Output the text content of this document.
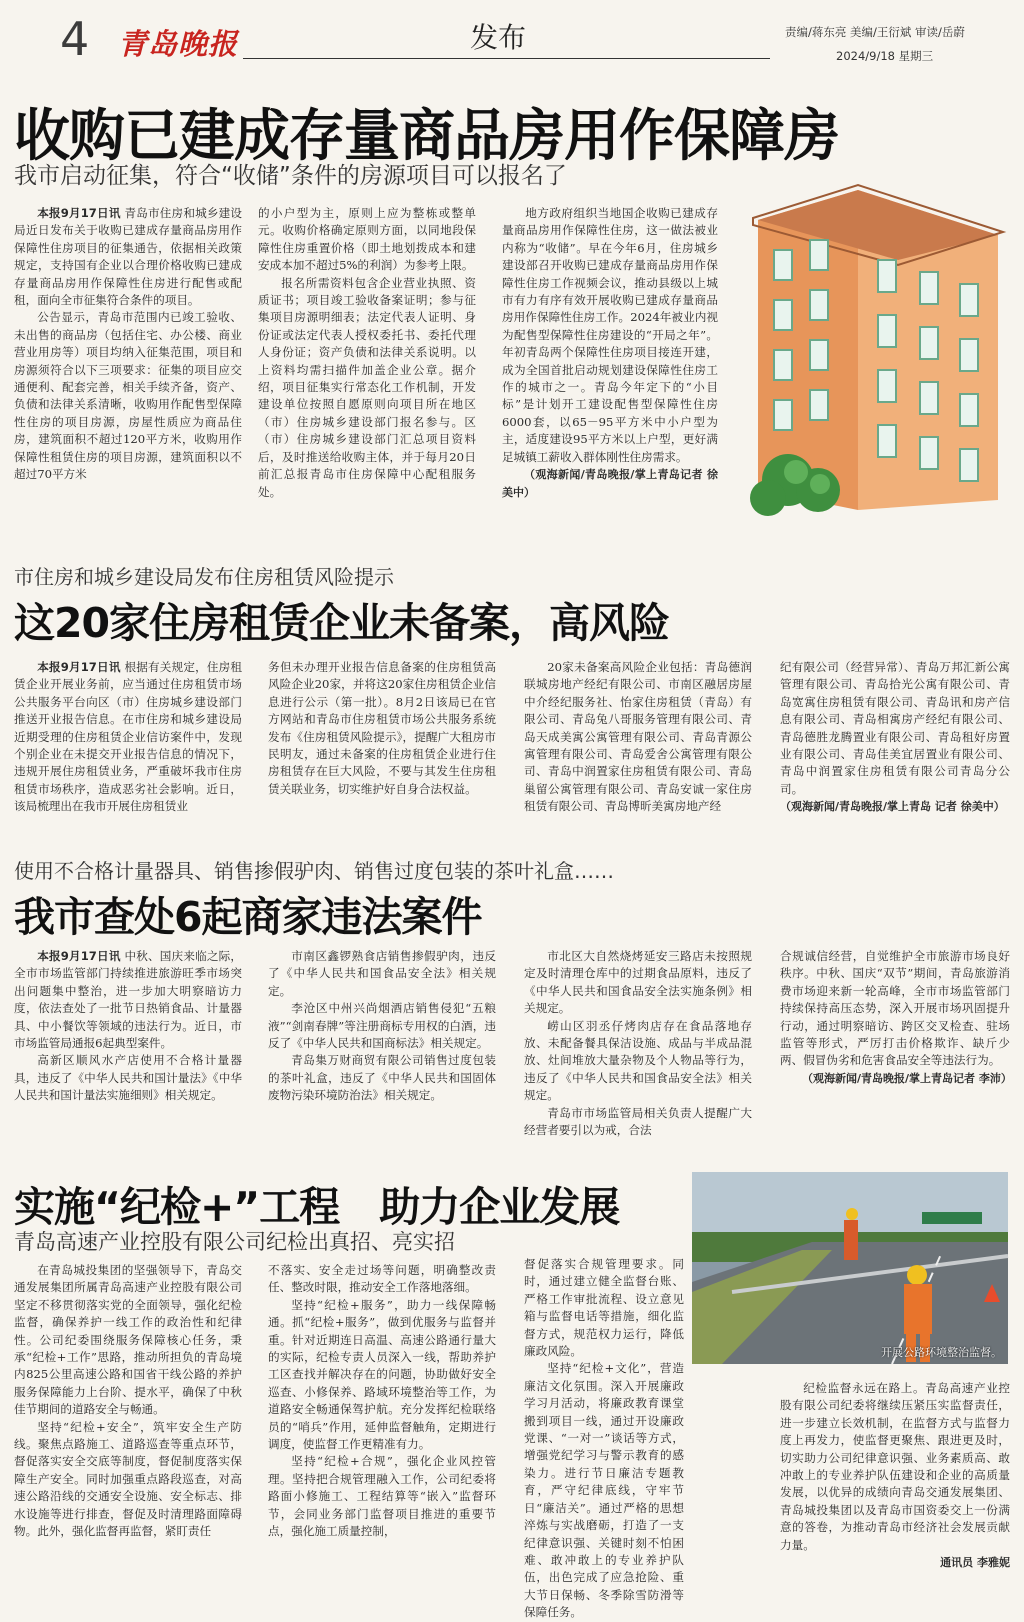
4 青岛晚报	发布	责编/蒋东亮 美编/王衍斌 审读/岳蔚
2024/9/18 星期三
收购已建成存量商品房用作保障房
我市启动征集，符合“收储”条件的房源项目可以报名了

本报9月17日讯 青岛市住房和城乡建设局近日发布关于收购已建成存量商品房用作保障性住房项目的征集通告，依据相关政策规定，支持国有企业以合理价格收购已建成存量商品房用作保障性住房进行配售或配租，面向全市征集符合条件的项目。

公告显示，青岛市范围内已竣工验收、未出售的商品房（包括住宅、办公楼、商业营业用房等）项目均纳入征集范围，项目和房源须符合以下三项要求：征集的项目应交通便利、配套完善，相关手续齐备，资产、负债和法律关系清晰，收购用作配售型保障性住房的项目房源，房屋性质应为商品住房，建筑面积不超过120平方米，收购用作保障性租赁住房的项目房源，建筑面积以不超过70平方米

的小户型为主，原则上应为整栋或整单元。收购价格确定原则方面，以同地段保障性住房重置价格（即土地划拨成本和建安成本加不超过5%的利润）为参考上限。

报名所需资料包含企业营业执照、资质证书；项目竣工验收备案证明；参与征集项目房源明细表；法定代表人证明、身份证或法定代表人授权委托书、委托代理人身份证；资产负债和法律关系说明。以上资料均需扫描件加盖企业公章。据介绍，项目征集实行常态化工作机制，开发建设单位按照自愿原则向项目所在地区（市）住房城乡建设部门报名参与。区（市）住房城乡建设部门汇总项目资料后，及时推送给收购主体，并于每月20日前汇总报青岛市住房保障中心配租服务处。

地方政府组织当地国企收购已建成存量商品房用作保障性住房，这一做法被业内称为“收储”。早在今年6月，住房城乡建设部召开收购已建成存量商品房用作保障性住房工作视频会议，推动县级以上城市有力有序有效开展收购已建成存量商品房用作保障性住房工作。2024年被业内视为配售型保障性住房建设的“开局之年”。年初青岛两个保障性住房项目接连开建，成为全国首批启动规划建设保障性住房工作的城市之一。青岛今年定下的“小目标”是计划开工建设配售型保障性住房6000套，以65－95平方米中小户型为主，适度建设95平方米以上户型，更好满足城镇工薪收入群体刚性住房需求。

（观海新闻/青岛晚报/掌上青岛记者 徐美中）

市住房和城乡建设局发布住房租赁风险提示
这20家住房租赁企业未备案，高风险

本报9月17日讯 根据有关规定，住房租赁企业开展业务前，应当通过住房租赁市场公共服务平台向区（市）住房城乡建设部门推送开业报告信息。在市住房和城乡建设局近期受理的住房租赁企业信访案件中，发现个别企业在未提交开业报告信息的情况下，违规开展住房租赁业务，严重破坏我市住房租赁市场秩序，造成恶劣社会影响。近日，该局梳理出在我市开展住房租赁业

务但未办理开业报告信息备案的住房租赁高风险企业20家，并将这20家住房租赁企业信息进行公示（第一批）。8月2日该局已在官方网站和青岛市住房租赁市场公共服务系统发布《住房租赁风险提示》，提醒广大租房市民明友，通过未备案的住房租赁企业进行住房租赁存在巨大风险，不要与其发生住房租赁关联业务，切实维护好自身合法权益。

20家未备案高风险企业包括：青岛德润联城房地产经纪有限公司、市南区融居房屋中介经纪服务社、怡家住房租赁（青岛）有限公司、青岛兔八哥服务管理有限公司、青岛天成美寓公寓管理有限公司、青岛青源公寓管理有限公司、青岛爱舍公寓管理有限公司、青岛中润置家住房租赁有限公司、青岛巢留公寓管理有限公司、青岛安诚一家住房租赁有限公司、青岛博昕美寓房地产经

纪有限公司（经营异常）、青岛万邦汇新公寓管理有限公司、青岛拾光公寓有限公司、青岛宽寓住房租赁有限公司、青岛讯和房产信息有限公司、青岛相寓房产经纪有限公司、青岛德胜龙腾置业有限公司、青岛租好房置业有限公司、青岛佳美宜居置业有限公司、青岛中润置家住房租赁有限公司青岛分公司。

（观海新闻/青岛晚报/掌上青岛 记者 徐美中）

使用不合格计量器具、销售掺假驴肉、销售过度包装的茶叶礼盒……
我市查处6起商家违法案件

本报9月17日讯 中秋、国庆来临之际，全市市场监管部门持续推进旅游旺季市场突出问题集中整治，进一步加大明察暗访力度，依法查处了一批节日热销食品、计量器具、中小餐饮等领域的违法行为。近日，市市场监管局通报6起典型案件。

高新区顺风水产店使用不合格计量器具，违反了《中华人民共和国计量法》《中华人民共和国计量法实施细则》相关规定。

市南区鑫锣熟食店销售掺假驴肉，违反了《中华人民共和国食品安全法》相关规定。

李沧区中州兴尚烟酒店销售侵犯“五粮液”“剑南春牌”等注册商标专用权的白酒，违反了《中华人民共和国商标法》相关规定。

青岛集万财商贸有限公司销售过度包装的茶叶礼盒，违反了《中华人民共和国固体废物污染环境防治法》相关规定。

市北区大自然烧烤延安三路店未按照规定及时清理仓库中的过期食品原料，违反了《中华人民共和国食品安全法实施条例》相关规定。

崂山区羽丞仔烤肉店存在食品落地存放、未配备餐具保洁设施、成品与半成品混放、灶间堆放大量杂物及个人物品等行为，违反了《中华人民共和国食品安全法》相关规定。

青岛市市场监管局相关负责人提醒广大经营者要引以为戒，合法

合规诚信经营，自觉维护全市旅游市场良好秩序。中秋、国庆“双节”期间，青岛旅游消费市场迎来新一轮高峰，全市市场监管部门持续保持高压态势，深入开展市场巩固提升行动，通过明察暗访、跨区交叉检查、驻场监管等形式，严厉打击价格欺诈、缺斤少两、假冒伪劣和危害食品安全等违法行为。

（观海新闻/青岛晚报/掌上青岛记者 李沛）

实施“纪检+”工程　助力企业发展
青岛高速产业控股有限公司纪检出真招、亮实招
开展公路环境整治监督。

在青岛城投集团的坚强领导下，青岛交通发展集团所属青岛高速产业控股有限公司坚定不移贯彻落实党的全面领导，强化纪检监督，确保养护一线工作的政治性和纪律性。公司纪委围绕服务保障核心任务，秉承“纪检+工作”思路，推动所担负的青岛境内825公里高速公路和国省干线公路的养护服务保障能力上台阶、提水平，确保了中秋佳节期间的道路安全与畅通。

坚持“纪检+安全”，筑牢安全生产防线。聚焦点路施工、道路巡查等重点环节，督促落实安全交底等制度，督促制度落实保障生产安全。同时加强重点路段巡查，对高速公路沿线的交通安全设施、安全标志、排水设施等进行排查，督促及时清理路面障碍物。此外，强化监督再监督，紧盯责任

不落实、安全走过场等问题，明确整改责任、整改时限，推动安全工作落地落细。

坚持“纪检+服务”，助力一线保障畅通。抓“纪检+服务”，做到优服务与监督并重。针对近期连日高温、高速公路通行量大的实际，纪检专责人员深入一线，帮助养护工区查找并解决存在的问题，协助做好安全巡查、小修保养、路域环境整治等工作，为道路安全畅通保驾护航。充分发挥纪检联络员的“哨兵”作用，延伸监督触角，定期进行调度，使监督工作更精准有力。

坚持“纪检+合规”，强化企业风控管理。坚持把合规管理融入工作，公司纪委将路面小修施工、工程结算等“嵌入”监督环节，会同业务部门监督项目推进的重要节点，强化施工质量控制，

督促落实合规管理要求。同时，通过建立健全监督台账、严格工作审批流程、设立意见箱与监督电话等措施，细化监督方式，规范权力运行，降低廉政风险。

坚持“纪检+文化”，营造廉洁文化氛围。深入开展廉政学习月活动，将廉政教育课堂搬到项目一线，通过开设廉政党课、“一对一”谈话等方式，增强党纪学习与警示教育的感染力。进行节日廉洁专题教育，严守纪律底线，守牢节日“廉洁关”。通过严格的思想淬炼与实战磨砺，打造了一支纪律意识强、关键时刻不怕困难、敢冲敢上的专业养护队伍，出色完成了应急抢险、重大节日保畅、冬季除雪防滑等保障任务。

纪检监督永远在路上。青岛高速产业控股有限公司纪委将继续压紧压实监督责任，进一步建立长效机制，在监督方式与监督力度上再发力，使监督更聚焦、跟进更及时，切实助力公司纪律意识强、业务素质高、敢冲敢上的专业养护队伍建设和企业的高质量发展，以优异的成绩向青岛交通发展集团、青岛城投集团以及青岛市国资委交上一份满意的答卷，为推动青岛市经济社会发展贡献力量。

通讯员 李雅妮
